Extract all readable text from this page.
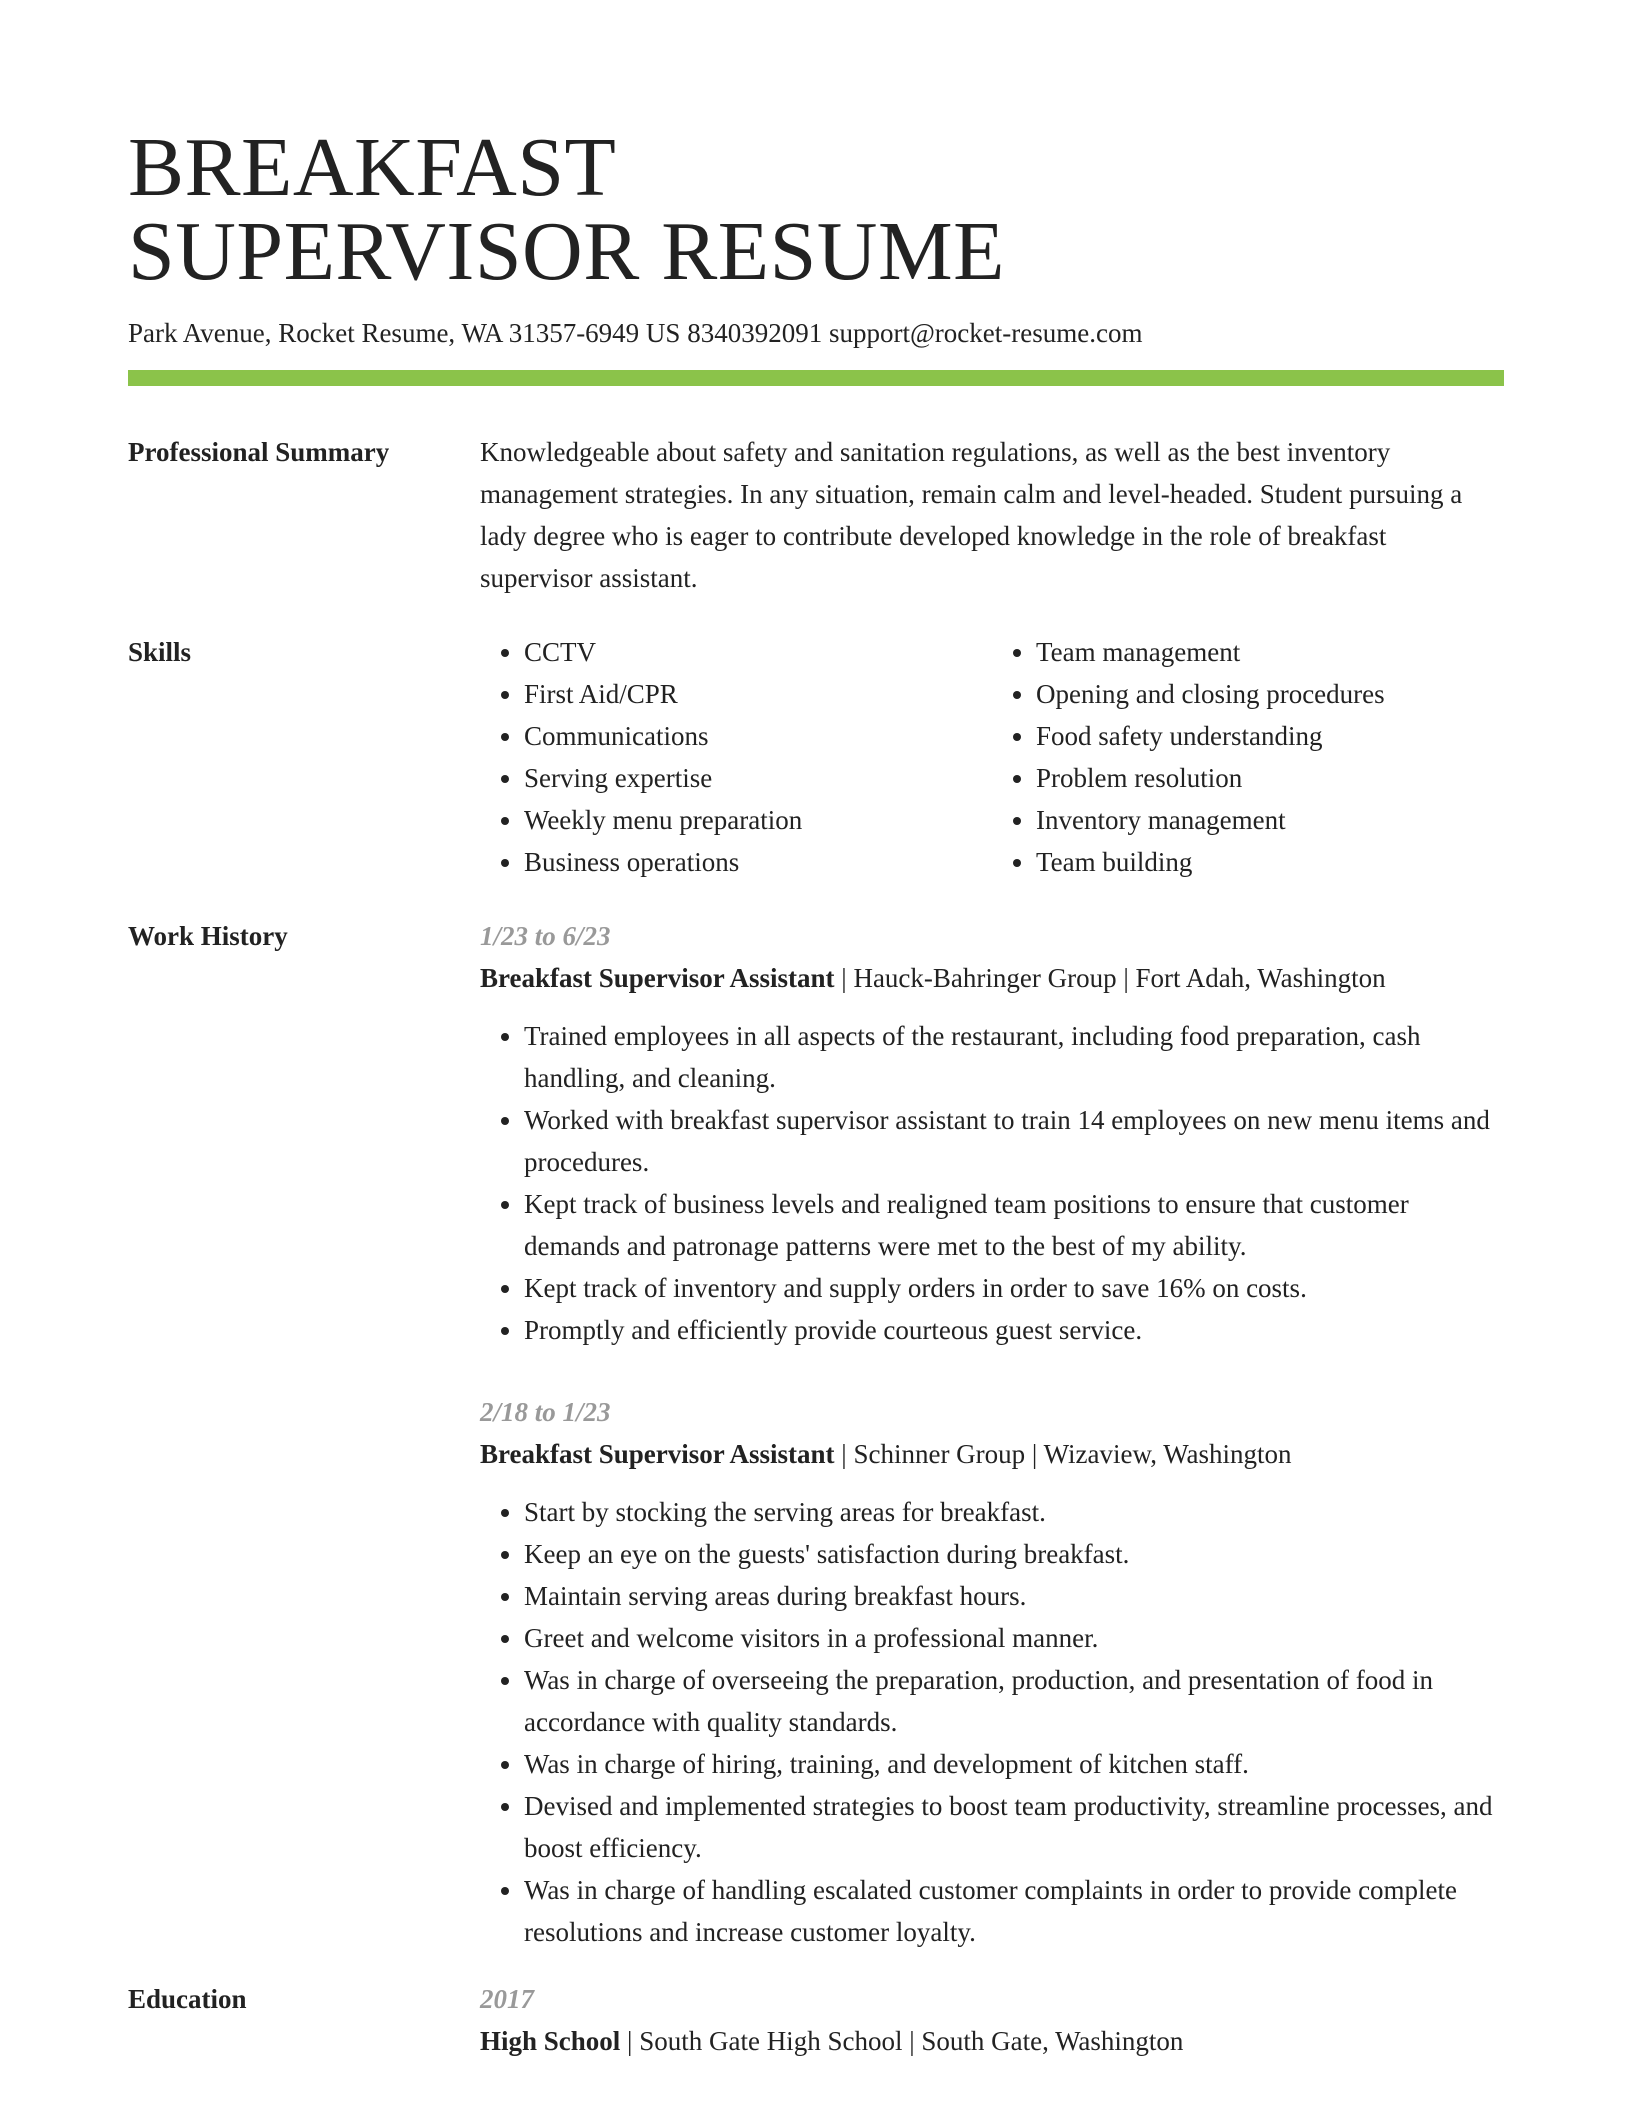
BREAKFAST
SUPERVISOR RESUME
Park Avenue, Rocket Resume, WA 31357-6949 US 8340392091 support@rocket-resume.com
Professional Summary	Knowledgeable about safety and sanitation regulations, as well as the best inventory management strategies. In any situation, remain calm and level-headed. Student pursuing a lady degree who is eager to contribute developed knowledge in the role of breakfast supervisor assistant.

Skills
•	CCTV
• First Aid/CPR
• Communications
• Serving expertise
• Weekly menu preparation
• Business operations
• Team management
• Opening and closing procedures
• Food safety understanding
• Problem resolution
• Inventory management
• Team building
Work History	1/23 to 6/23
Breakfast Supervisor Assistant | Hauck-Bahringer Group | Fort Adah, Washington
• Trained employees in all aspects of the restaurant, including food preparation, cash handling, and cleaning.
• Worked with breakfast supervisor assistant to train 14 employees on new menu items and procedures.
• Kept track of business levels and realigned team positions to ensure that customer demands and patronage patterns were met to the best of my ability.
• Kept track of inventory and supply orders in order to save 16% on costs.
• Promptly and efficiently provide courteous guest service.
2/18 to 1/23
Breakfast Supervisor Assistant | Schinner Group | Wizaview, Washington
• Start by stocking the serving areas for breakfast.
• Keep an eye on the guests' satisfaction during breakfast.
• Maintain serving areas during breakfast hours.
• Greet and welcome visitors in a professional manner.
• Was in charge of overseeing the preparation, production, and presentation of food in accordance with quality standards.
• Was in charge of hiring, training, and development of kitchen staff.
• Devised and implemented strategies to boost team productivity, streamline processes, and boost efficiency.
• Was in charge of handling escalated customer complaints in order to provide complete resolutions and increase customer loyalty.
Education	2017
High School | South Gate High School | South Gate, Washington
